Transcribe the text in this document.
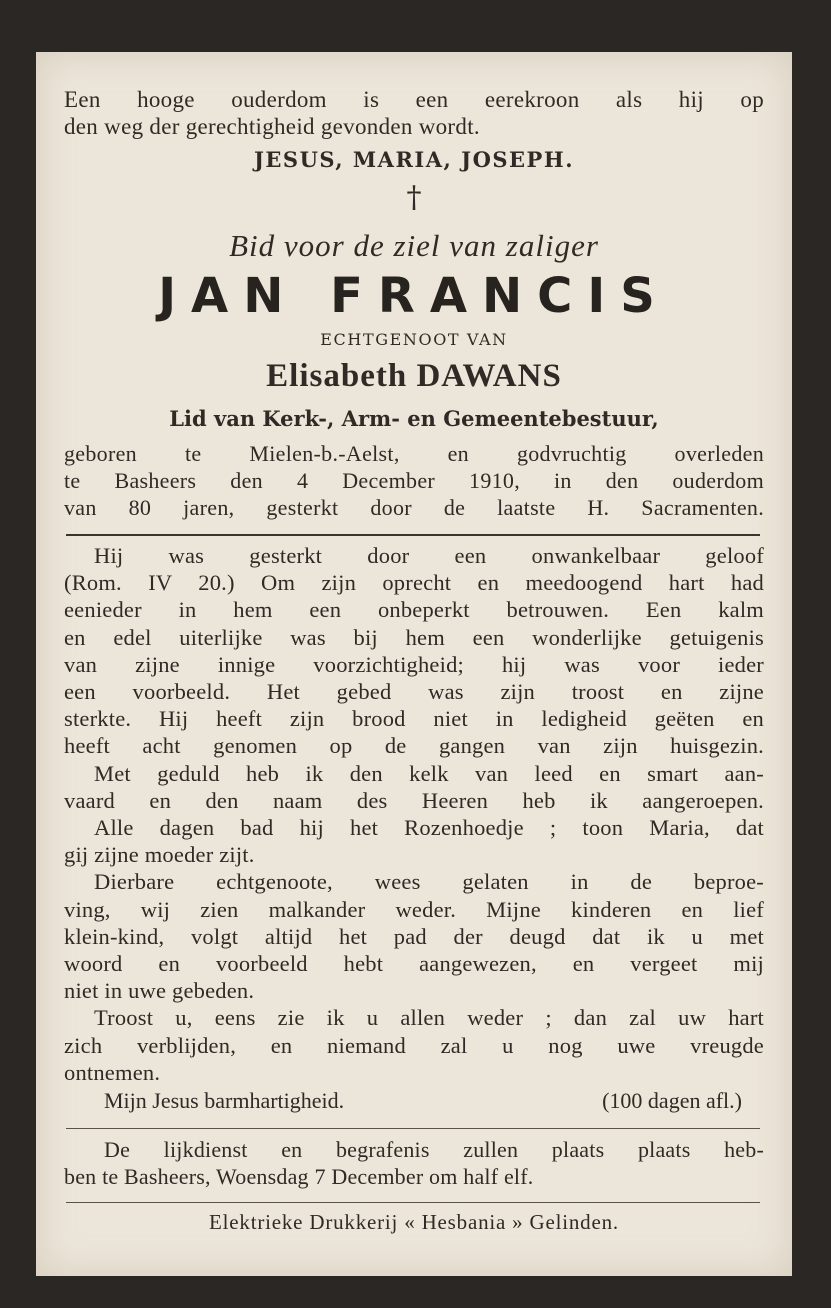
Een hooge ouderdom is een eerekroon als hij op
den weg der gerechtigheid gevonden wordt.
JESUS, MARIA, JOSEPH.
†
Bid voor de ziel van zaliger
JAN FRANCIS
ECHTGENOOT VAN
Elisabeth DAWANS
Lid van Kerk-, Arm- en Gemeentebestuur,
geboren te Mielen-b.-Aelst, en godvruchtig overleden
te Basheers den 4 December 1910, in den ouderdom
van 80 jaren, gesterkt door de laatste H. Sacramenten.

Hij was gesterkt door een onwankelbaar geloof
(Rom. IV 20.) Om zijn oprecht en meedoogend hart had
eenieder in hem een onbeperkt betrouwen. Een kalm
en edel uiterlijke was bij hem een wonderlijke getuigenis
van zijne innige voorzichtigheid; hij was voor ieder
een voorbeeld. Het gebed was zijn troost en zijne
sterkte. Hij heeft zijn brood niet in ledigheid geëten en
heeft acht genomen op de gangen van zijn huisgezin.

Met geduld heb ik den kelk van leed en smart aan-
vaard en den naam des Heeren heb ik aangeroepen.

Alle dagen bad hij het Rozenhoedje ; toon Maria, dat
gij zijne moeder zijt.

Dierbare echtgenoote, wees gelaten in de beproe-
ving, wij zien malkander weder. Mijne kinderen en lief
klein-kind, volgt altijd het pad der deugd dat ik u met
woord en voorbeeld hebt aangewezen, en vergeet mij
niet in uwe gebeden.

Troost u, eens zie ik u allen weder ; dan zal uw hart
zich verblijden, en niemand zal u nog uwe vreugde
ontnemen.

Mijn Jesus barmhartigheid.	(100 dagen afl.)
De lijkdienst en begrafenis zullen plaats plaats heb-
ben te Basheers, Woensdag 7 December om half elf.
Elektrieke Drukkerij « Hesbania » Gelinden.
